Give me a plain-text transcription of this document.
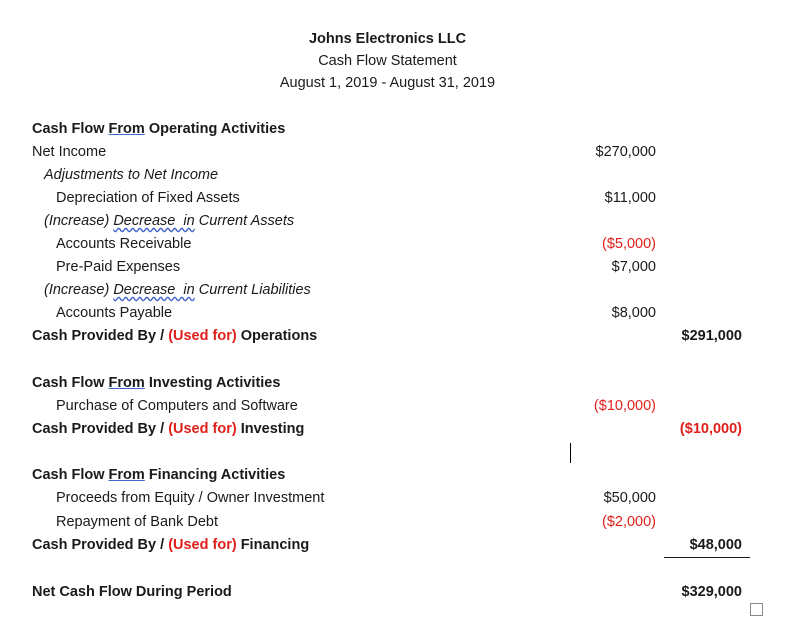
Johns Electronics LLC
Cash Flow Statement
August 1, 2019 - August 31, 2019
Cash Flow From Operating Activities
Net Income	$270,000
Adjustments to Net Income
Depreciation of Fixed Assets	$11,000
(Increase) Decrease  in Current Assets
Accounts Receivable	($5,000)
Pre-Paid Expenses	$7,000
(Increase) Decrease  in Current Liabilities
Accounts Payable	$8,000
Cash Provided By / (Used for) Operations	$291,000
Cash Flow From Investing Activities
Purchase of Computers and Software	($10,000)
Cash Provided By / (Used for) Investing	($10,000)
Cash Flow From Financing Activities
Proceeds from Equity / Owner Investment	$50,000
Repayment of Bank Debt	($2,000)
Cash Provided By / (Used for) Financing	$48,000
Net Cash Flow During Period	$329,000
